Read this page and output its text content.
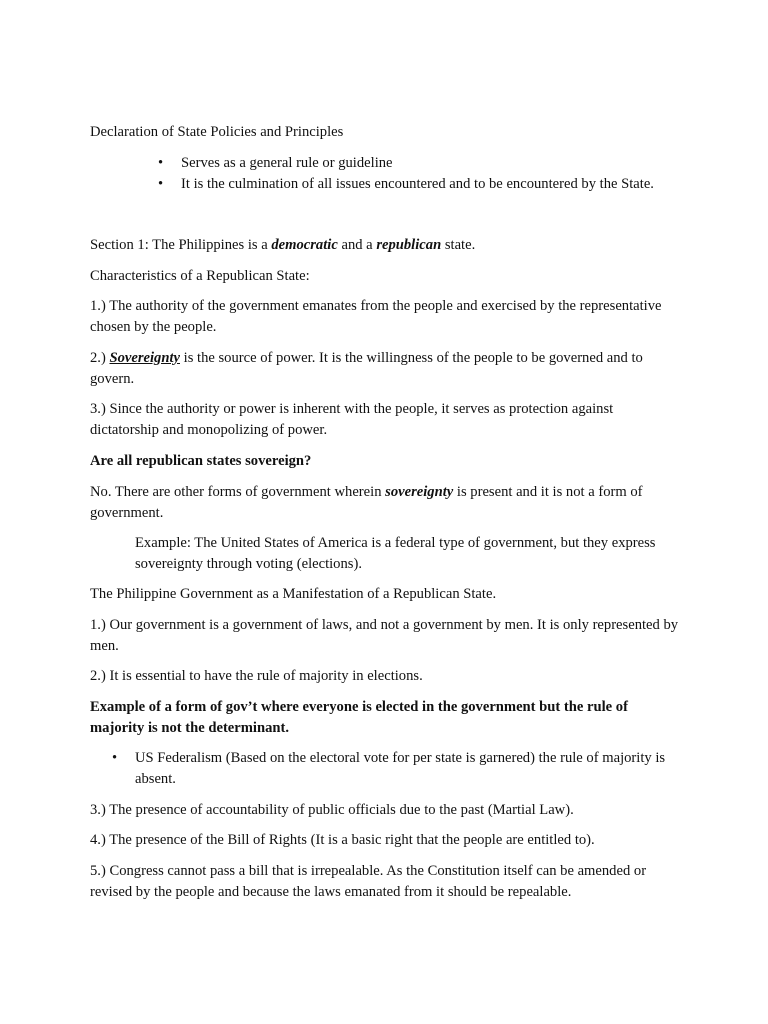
Declaration of State Policies and Principles

• Serves as a general rule or guideline
• It is the culmination of all issues encountered and to be encountered by the State.

Section 1: The Philippines is a democratic and a republican state.

Characteristics of a Republican State:

1.) The authority of the government emanates from the people and exercised by the representative chosen by the people.

2.) Sovereignty is the source of power. It is the willingness of the people to be governed and to govern.

3.) Since the authority or power is inherent with the people, it serves as protection against dictatorship and monopolizing of power.

Are all republican states sovereign?

No. There are other forms of government wherein sovereignty is present and it is not a form of government.

Example: The United States of America is a federal type of government, but they express sovereignty through voting (elections).

The Philippine Government as a Manifestation of a Republican State.

1.) Our government is a government of laws, and not a government by men. It is only represented by men.

2.) It is essential to have the rule of majority in elections.

Example of a form of gov’t where everyone is elected in the government but the rule of majority is not the determinant.

• US Federalism (Based on the electoral vote for per state is garnered) the rule of majority is absent.

3.) The presence of accountability of public officials due to the past (Martial Law).

4.) The presence of the Bill of Rights (It is a basic right that the people are entitled to).

5.) Congress cannot pass a bill that is irrepealable. As the Constitution itself can be amended or revised by the people and because the laws emanated from it should be repealable.
